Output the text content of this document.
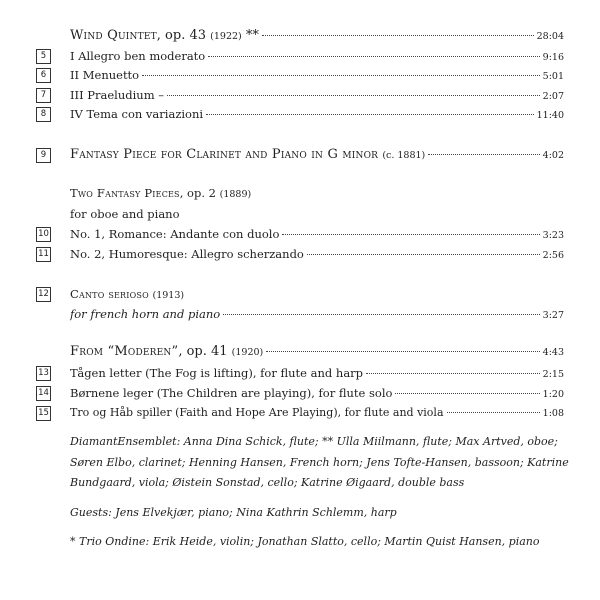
Wind Quintet, op. 43 (1922) **	28:04
5	I Allegro ben moderato	9:16
6	II Menuetto	5:01
7	III Praeludium –	2:07
8	IV Tema con variazioni	11:40
9	Fantasy Piece for Clarinet and Piano in G minor (c. 1881)	4:02
Two Fantasy Pieces, op. 2 (1889)
for oboe and piano
10 No. 1, Romance: Andante con duolo	3:23
11 No. 2, Humoresque: Allegro scherzando	2:56
12 Canto serioso (1913)
for french horn and piano	3:27
From “Moderen”, op. 41 (1920)	4:43
13 Tågen letter (The Fog is lifting), for flute and harp	2:15
14 Børnene leger (The Children are playing), for flute solo	1:20
15 Tro og Håb spiller (Faith and Hope Are Playing), for flute and viola	1:08
DiamantEnsemblet: Anna Dina Schick, flute; ** Ulla Miilmann, flute; Max Artved, oboe; Søren Elbo, clarinet; Henning Hansen, French horn; Jens Tofte-Hansen, bassoon; Katrine Bundgaard, viola; Øistein Sonstad, cello; Katrine Øigaard, double bass
Guests: Jens Elvekjær, piano; Nina Kathrin Schlemm, harp
* Trio Ondine: Erik Heide, violin; Jonathan Slatto, cello; Martin Quist Hansen, piano
